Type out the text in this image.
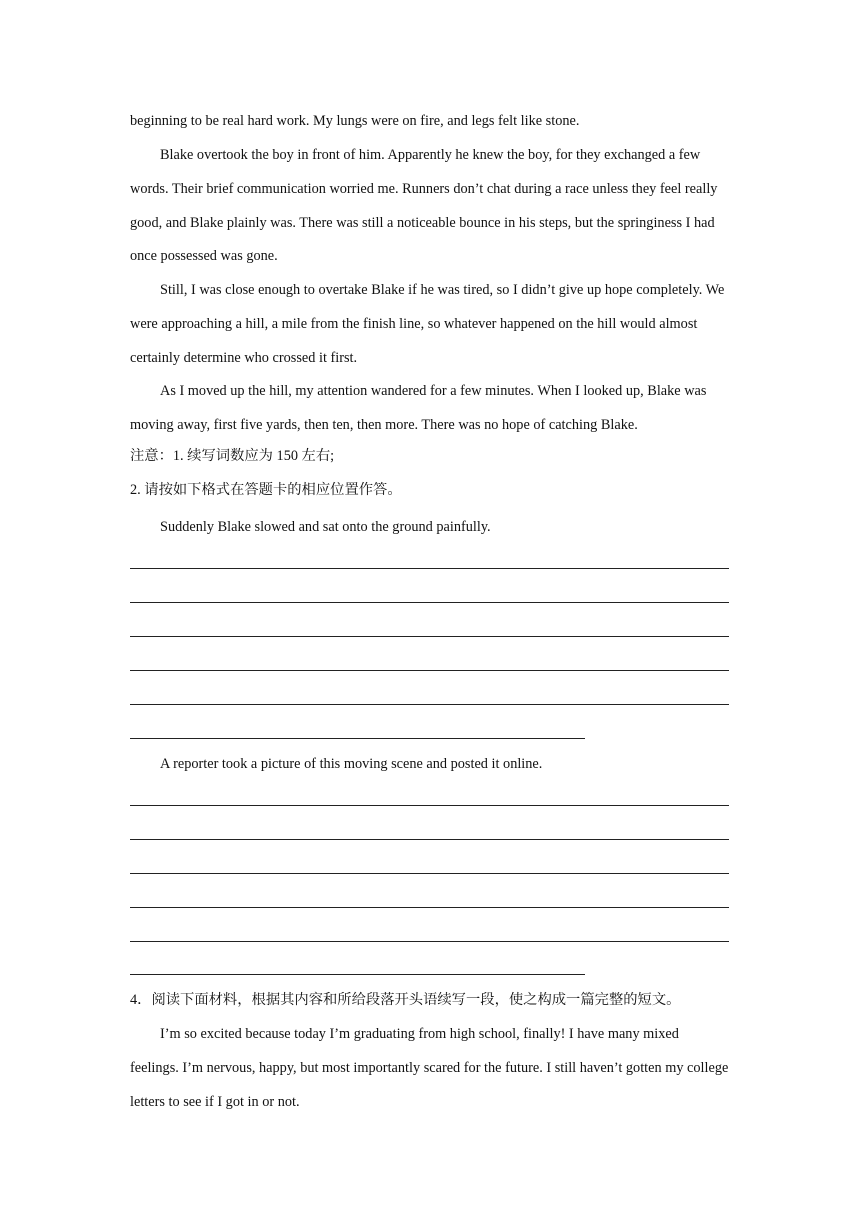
beginning to be real hard work. My lungs were on fire, and legs felt like stone.

Blake overtook the boy in front of him. Apparently he knew the boy, for they exchanged a few words. Their brief communication worried me. Runners don’t chat during a race unless they feel really good, and Blake plainly was. There was still a noticeable bounce in his steps, but the springiness I had once possessed was gone.

Still, I was close enough to overtake Blake if he was tired, so I didn’t give up hope completely. We were approaching a hill, a mile from the finish line, so whatever happened on the hill would almost certainly determine who crossed it first.

As I moved up the hill, my attention wandered for a few minutes. When I looked up, Blake was moving away, first five yards, then ten, then more. There was no hope of catching Blake.

注意：1. 续写词数应为 150 左右;

2. 请按如下格式在答题卡的相应位置作答。

Suddenly Blake slowed and sat onto the ground painfully.

A reporter took a picture of this moving scene and posted it online.

4．阅读下面材料，根据其内容和所给段落开头语续写一段，使之构成一篇完整的短文。

I’m so excited because today I’m graduating from high school, finally! I have many mixed feelings. I’m nervous, happy, but most importantly scared for the future. I still haven’t gotten my college letters to see if I got in or not.
